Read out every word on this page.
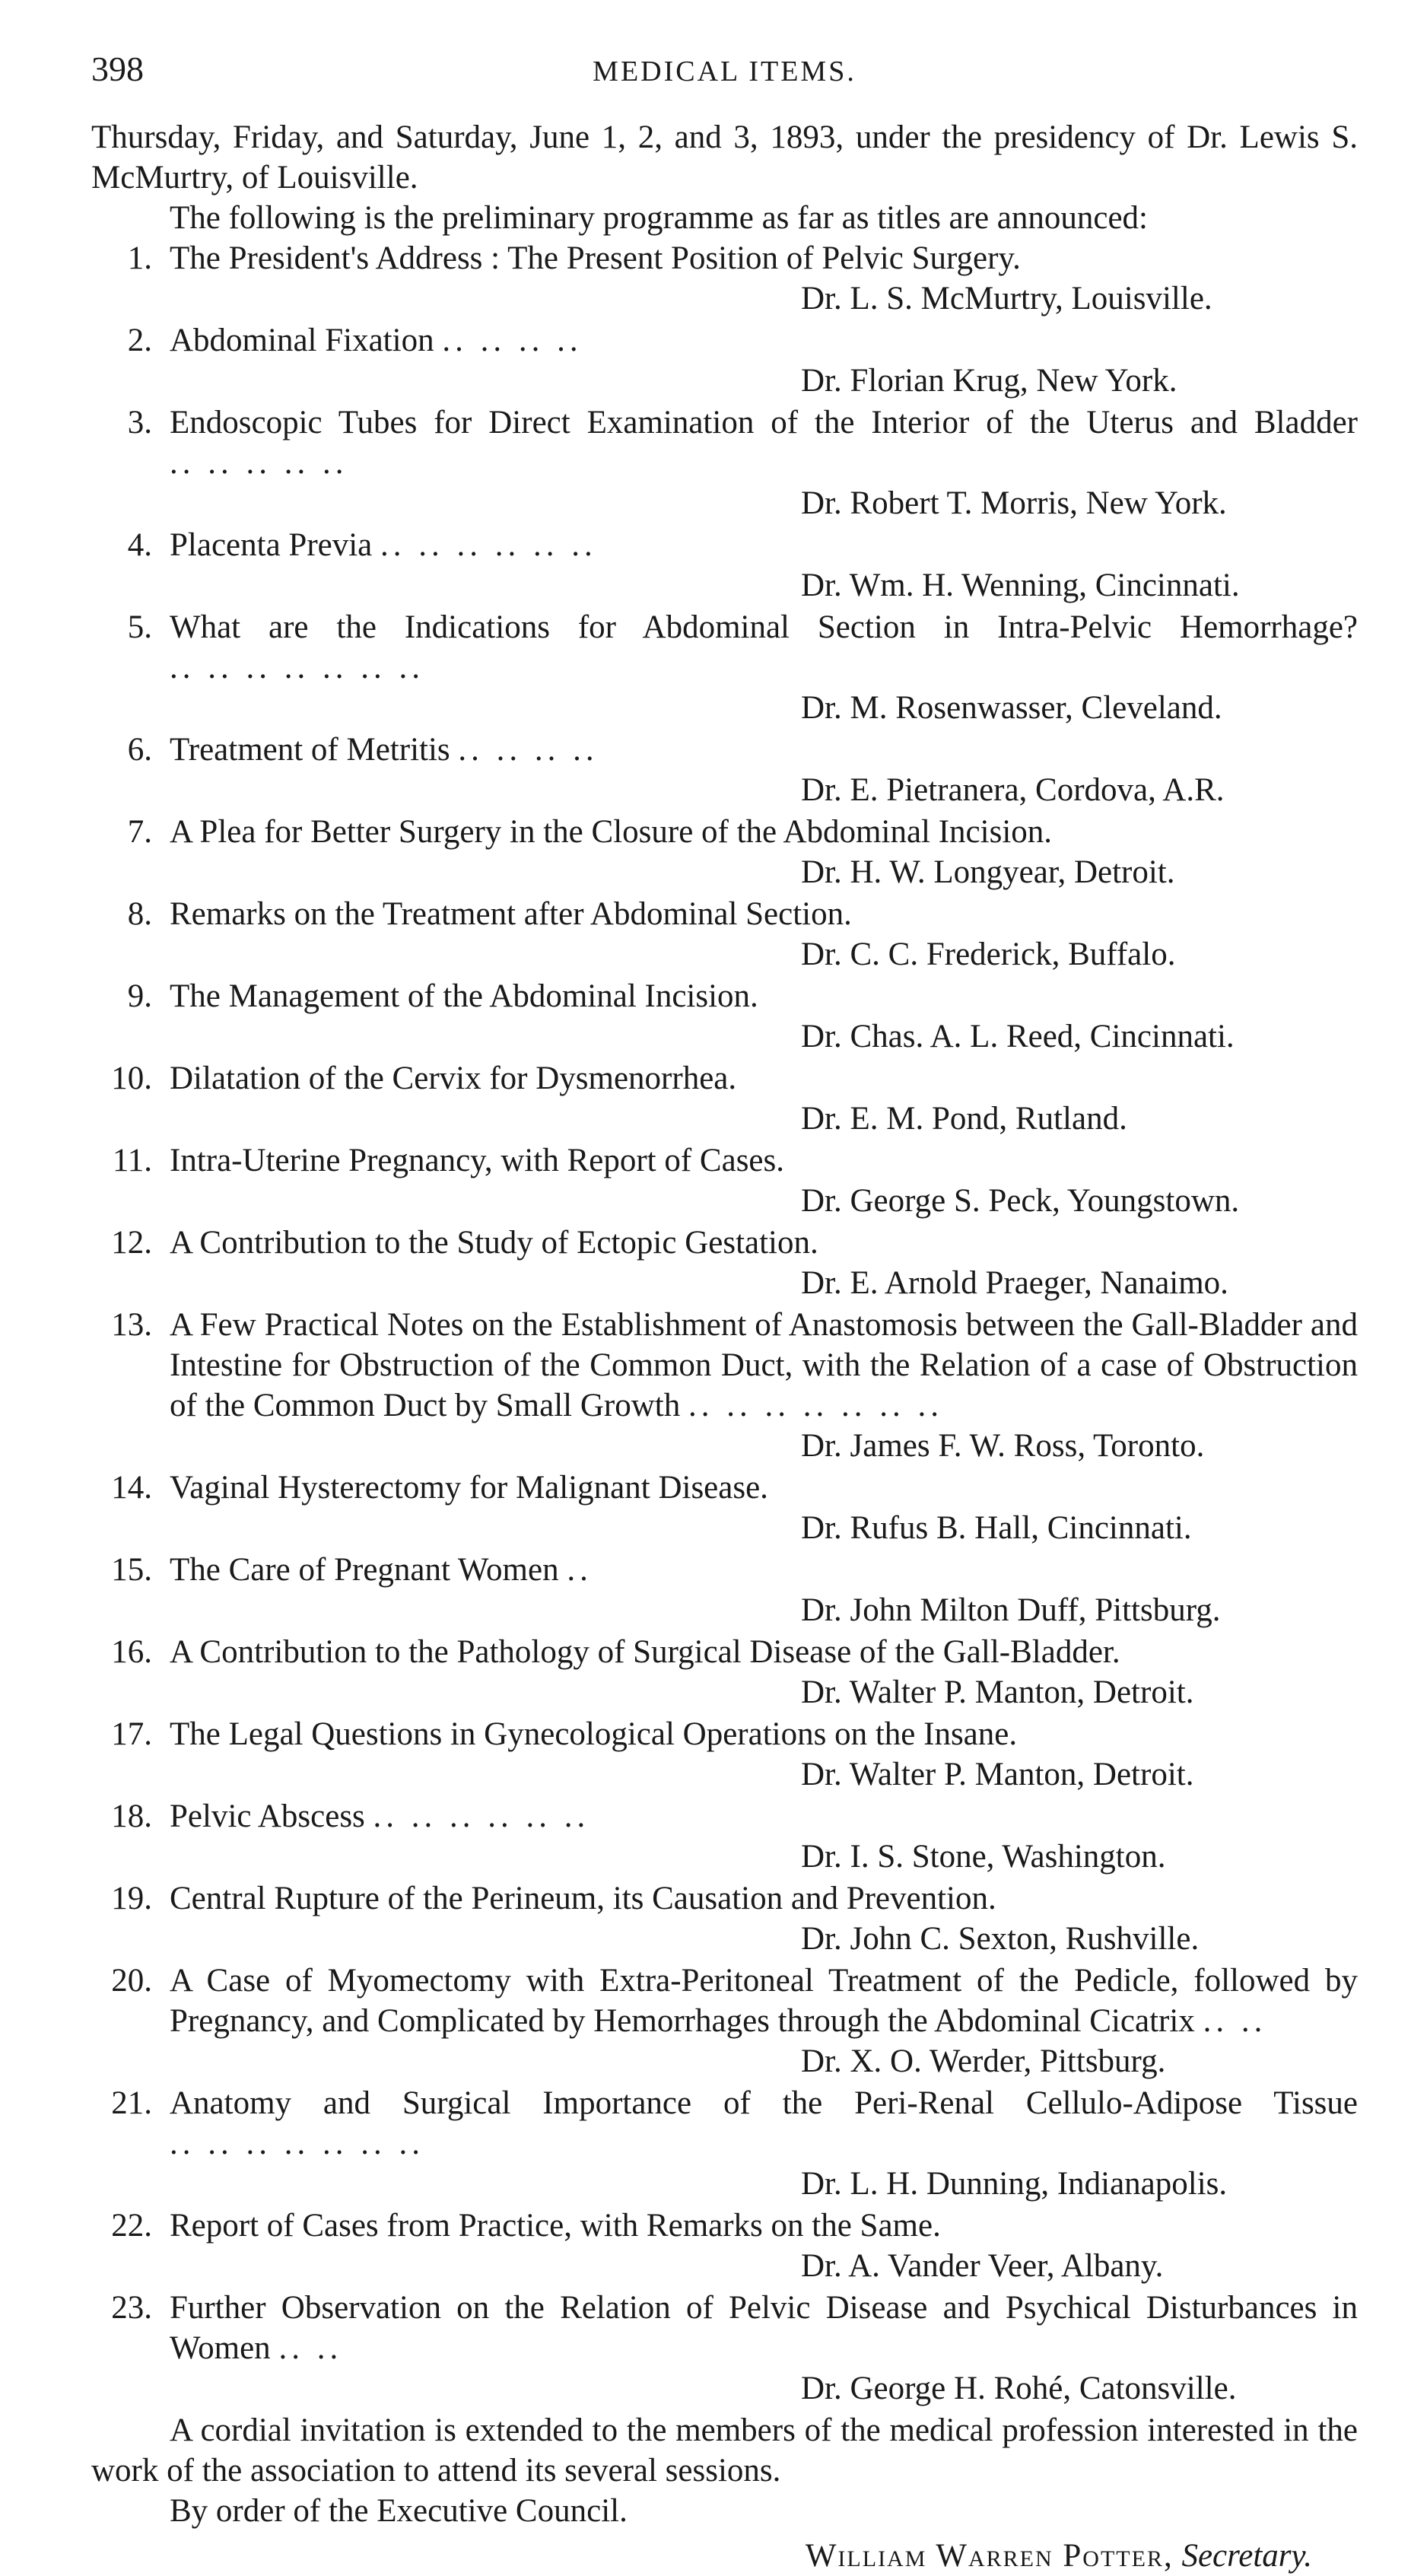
398	MEDICAL ITEMS.

Thursday, Friday, and Saturday, June 1, 2, and 3, 1893, under the presidency of Dr. Lewis S. McMurtry, of Louisville.

The following is the preliminary programme as far as titles are announced:

1. The President's Address : The Present Position of Pelvic Surgery.
Dr. L. S. McMurtry, Louisville.
2. Abdominal Fixation .. .. .. ..
Dr. Florian Krug, New York.
3. Endoscopic Tubes for Direct Examination of the Interior of the Uterus and Bladder .. .. .. .. ..
Dr. Robert T. Morris, New York.
4. Placenta Previa .. .. .. .. .. ..
Dr. Wm. H. Wenning, Cincinnati.
5. What are the Indications for Abdominal Section in Intra-Pelvic Hemorrhage? .. .. .. .. .. .. ..
Dr. M. Rosenwasser, Cleveland.
6. Treatment of Metritis .. .. .. ..
Dr. E. Pietranera, Cordova, A.R.
7. A Plea for Better Surgery in the Closure of the Abdominal Incision.
Dr. H. W. Longyear, Detroit.
8. Remarks on the Treatment after Abdominal Section.
Dr. C. C. Frederick, Buffalo.
9. The Management of the Abdominal Incision.
Dr. Chas. A. L. Reed, Cincinnati.
10. Dilatation of the Cervix for Dysmenorrhea.
Dr. E. M. Pond, Rutland.
11. Intra-Uterine Pregnancy, with Report of Cases.
Dr. George S. Peck, Youngstown.
12. A Contribution to the Study of Ectopic Gestation.
Dr. E. Arnold Praeger, Nanaimo.
13. A Few Practical Notes on the Establishment of Anastomosis between the Gall-Bladder and Intestine for Obstruction of the Common Duct, with the Relation of a case of Obstruction of the Common Duct by Small Growth .. .. .. .. .. .. ..
Dr. James F. W. Ross, Toronto.
14. Vaginal Hysterectomy for Malignant Disease.
Dr. Rufus B. Hall, Cincinnati.
15. The Care of Pregnant Women ..
Dr. John Milton Duff, Pittsburg.
16. A Contribution to the Pathology of Surgical Disease of the Gall-Bladder.
Dr. Walter P. Manton, Detroit.
17. The Legal Questions in Gynecological Operations on the Insane.
Dr. Walter P. Manton, Detroit.
18. Pelvic Abscess .. .. .. .. .. ..
Dr. I. S. Stone, Washington.
19. Central Rupture of the Perineum, its Causation and Prevention.
Dr. John C. Sexton, Rushville.
20. A Case of Myomectomy with Extra-Peritoneal Treatment of the Pedicle, followed by Pregnancy, and Complicated by Hemorrhages through the Abdominal Cicatrix .. ..
Dr. X. O. Werder, Pittsburg.
21. Anatomy and Surgical Importance of the Peri-Renal Cellulo-Adipose Tissue .. .. .. .. .. .. ..
Dr. L. H. Dunning, Indianapolis.
22. Report of Cases from Practice, with Remarks on the Same.
Dr. A. Vander Veer, Albany.
23. Further Observation on the Relation of Pelvic Disease and Psychical Disturbances in Women .. ..
Dr. George H. Rohé, Catonsville.

A cordial invitation is extended to the members of the medical profession interested in the work of the association to attend its several sessions.

By order of the Executive Council.

William Warren Potter, Secretary.
